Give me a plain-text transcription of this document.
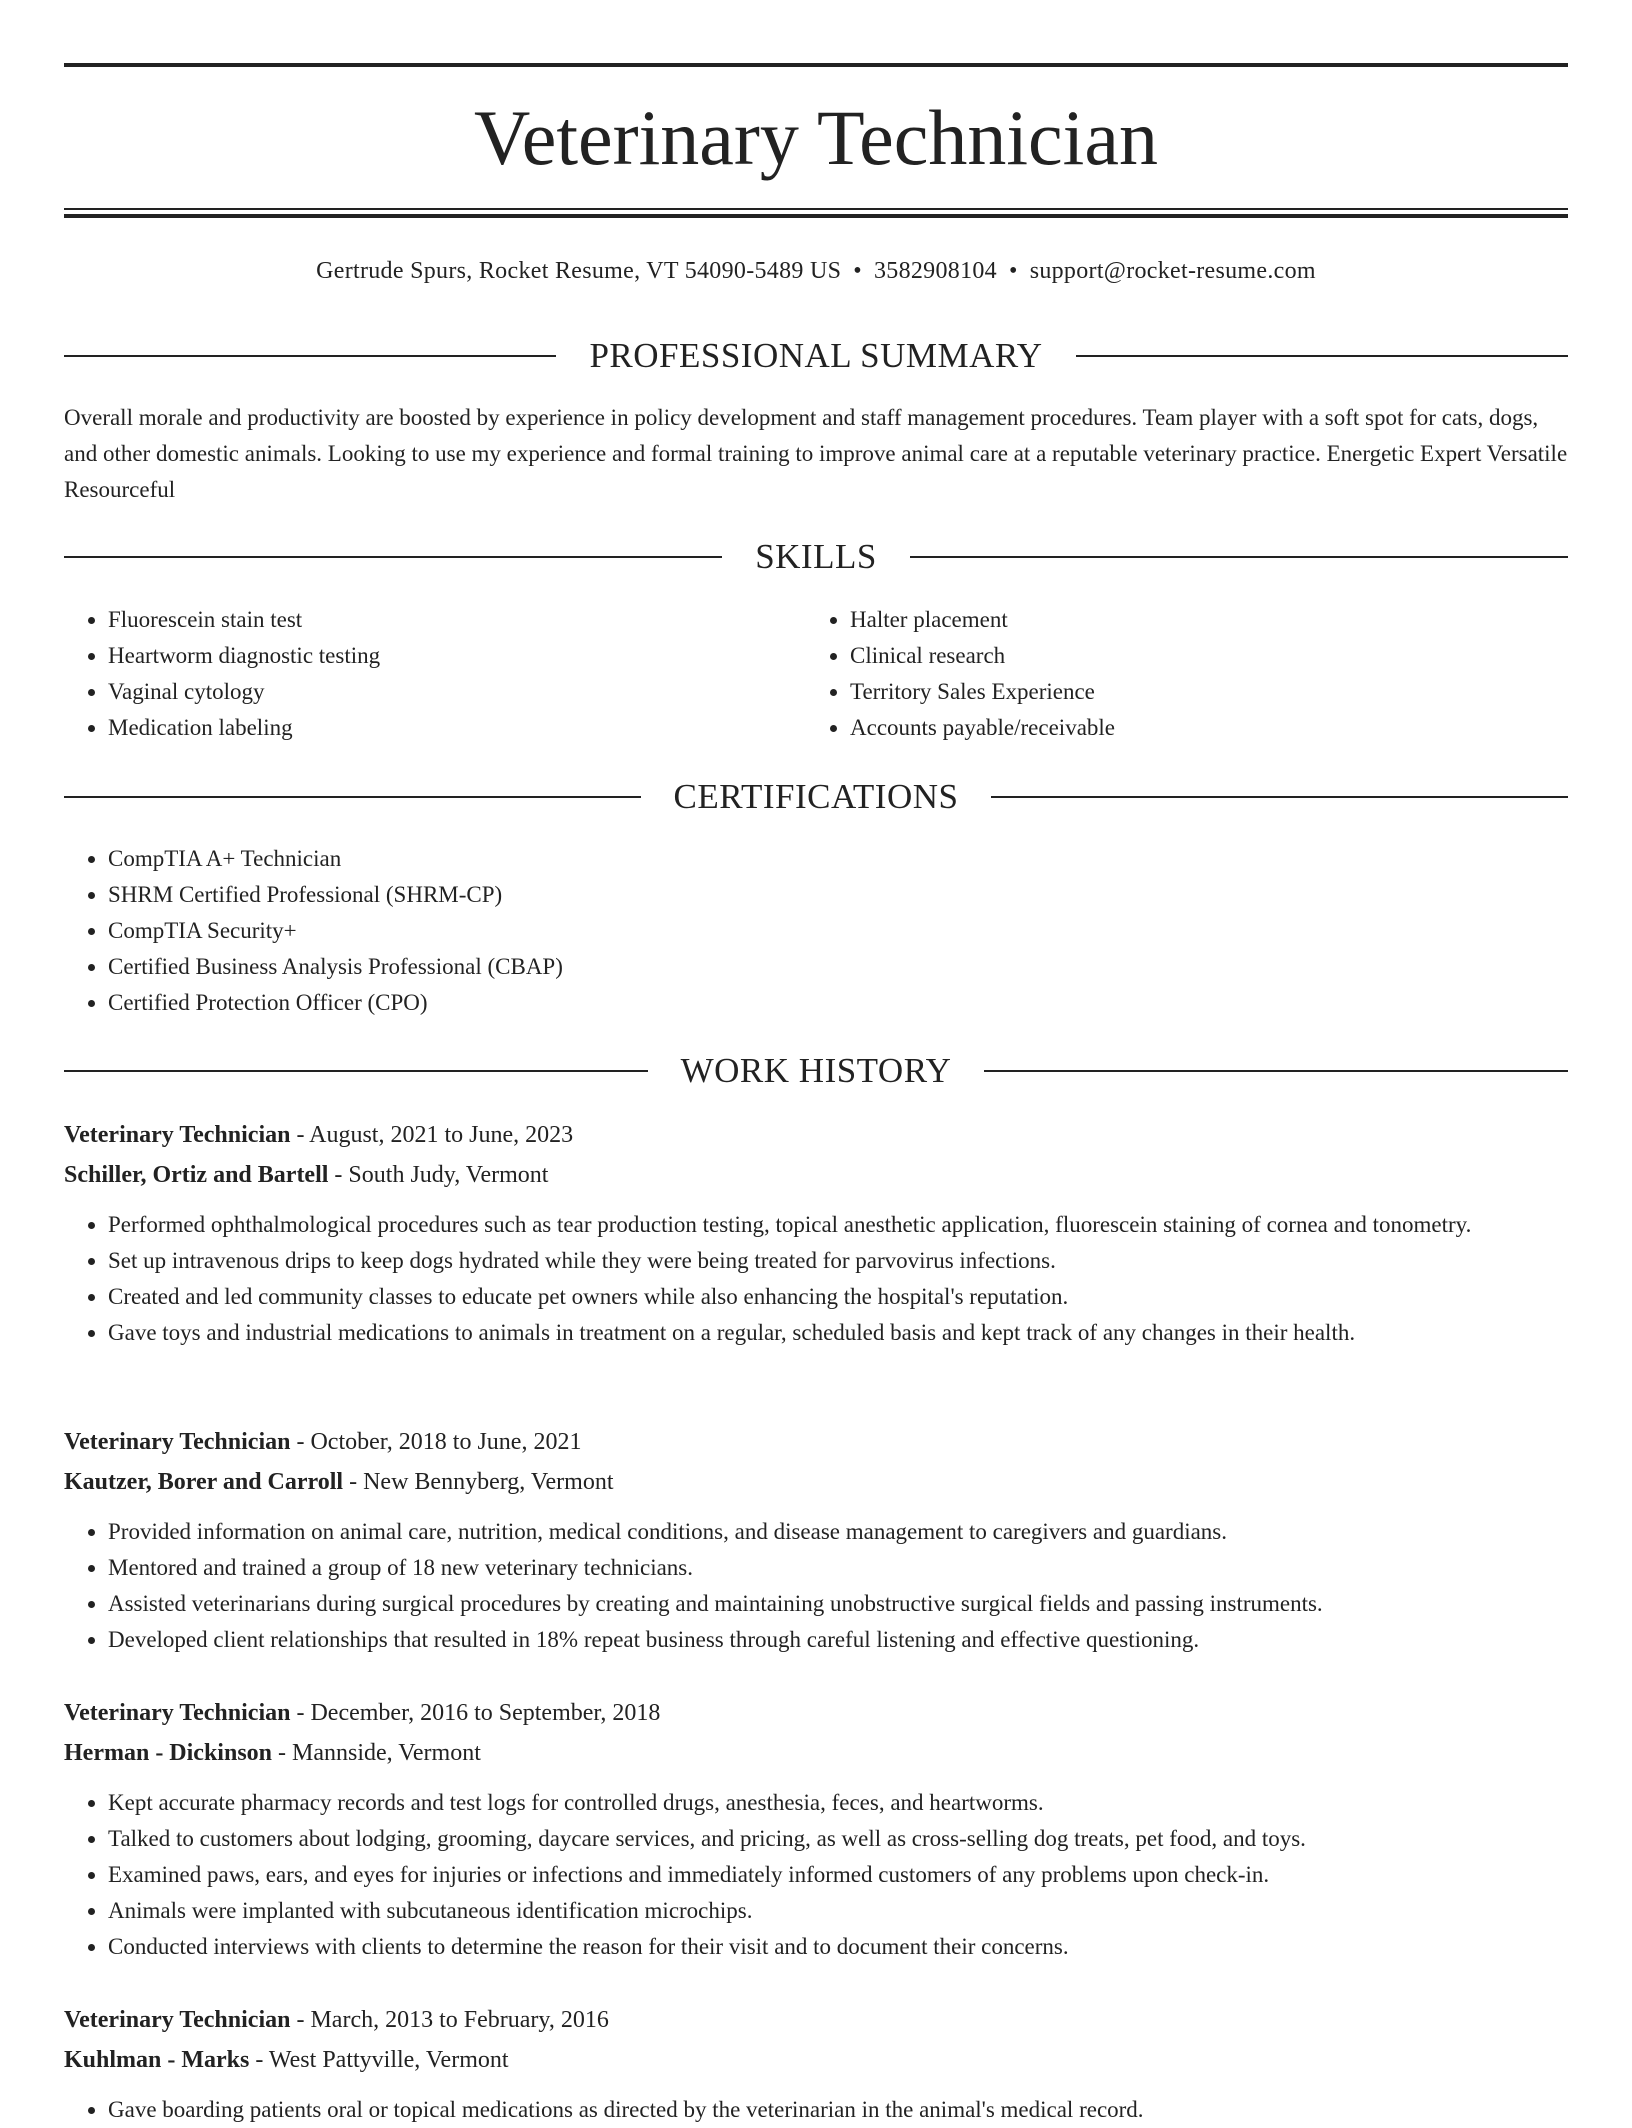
Veterinary Technician
Gertrude Spurs, Rocket Resume, VT 54090-5489 US • 3582908104 • support@rocket-resume.com
PROFESSIONAL SUMMARY

Overall morale and productivity are boosted by experience in policy development and staff management procedures. Team player with a soft spot for cats, dogs, and other domestic animals. Looking to use my experience and formal training to improve animal care at a reputable veterinary practice. Energetic Expert Versatile Resourceful

SKILLS
• Fluorescein stain test
• Heartworm diagnostic testing
• Vaginal cytology
• Medication labeling
• Halter placement
• Clinical research
• Territory Sales Experience
• Accounts payable/receivable
CERTIFICATIONS
• CompTIA A+ Technician
• SHRM Certified Professional (SHRM-CP)
• CompTIA Security+
• Certified Business Analysis Professional (CBAP)
• Certified Protection Officer (CPO)
WORK HISTORY
Veterinary Technician - August, 2021 to June, 2023
Schiller, Ortiz and Bartell - South Judy, Vermont
• Performed ophthalmological procedures such as tear production testing, topical anesthetic application, fluorescein staining of cornea and tonometry.
• Set up intravenous drips to keep dogs hydrated while they were being treated for parvovirus infections.
• Created and led community classes to educate pet owners while also enhancing the hospital's reputation.
• Gave toys and industrial medications to animals in treatment on a regular, scheduled basis and kept track of any changes in their health.
Veterinary Technician - October, 2018 to June, 2021
Kautzer, Borer and Carroll - New Bennyberg, Vermont
• Provided information on animal care, nutrition, medical conditions, and disease management to caregivers and guardians.
• Mentored and trained a group of 18 new veterinary technicians.
• Assisted veterinarians during surgical procedures by creating and maintaining unobstructive surgical fields and passing instruments.
• Developed client relationships that resulted in 18% repeat business through careful listening and effective questioning.
Veterinary Technician - December, 2016 to September, 2018
Herman - Dickinson - Mannside, Vermont
• Kept accurate pharmacy records and test logs for controlled drugs, anesthesia, feces, and heartworms.
• Talked to customers about lodging, grooming, daycare services, and pricing, as well as cross-selling dog treats, pet food, and toys.
• Examined paws, ears, and eyes for injuries or infections and immediately informed customers of any problems upon check-in.
• Animals were implanted with subcutaneous identification microchips.
• Conducted interviews with clients to determine the reason for their visit and to document their concerns.
Veterinary Technician - March, 2013 to February, 2016
Kuhlman - Marks - West Pattyville, Vermont
• Gave boarding patients oral or topical medications as directed by the veterinarian in the animal's medical record.
